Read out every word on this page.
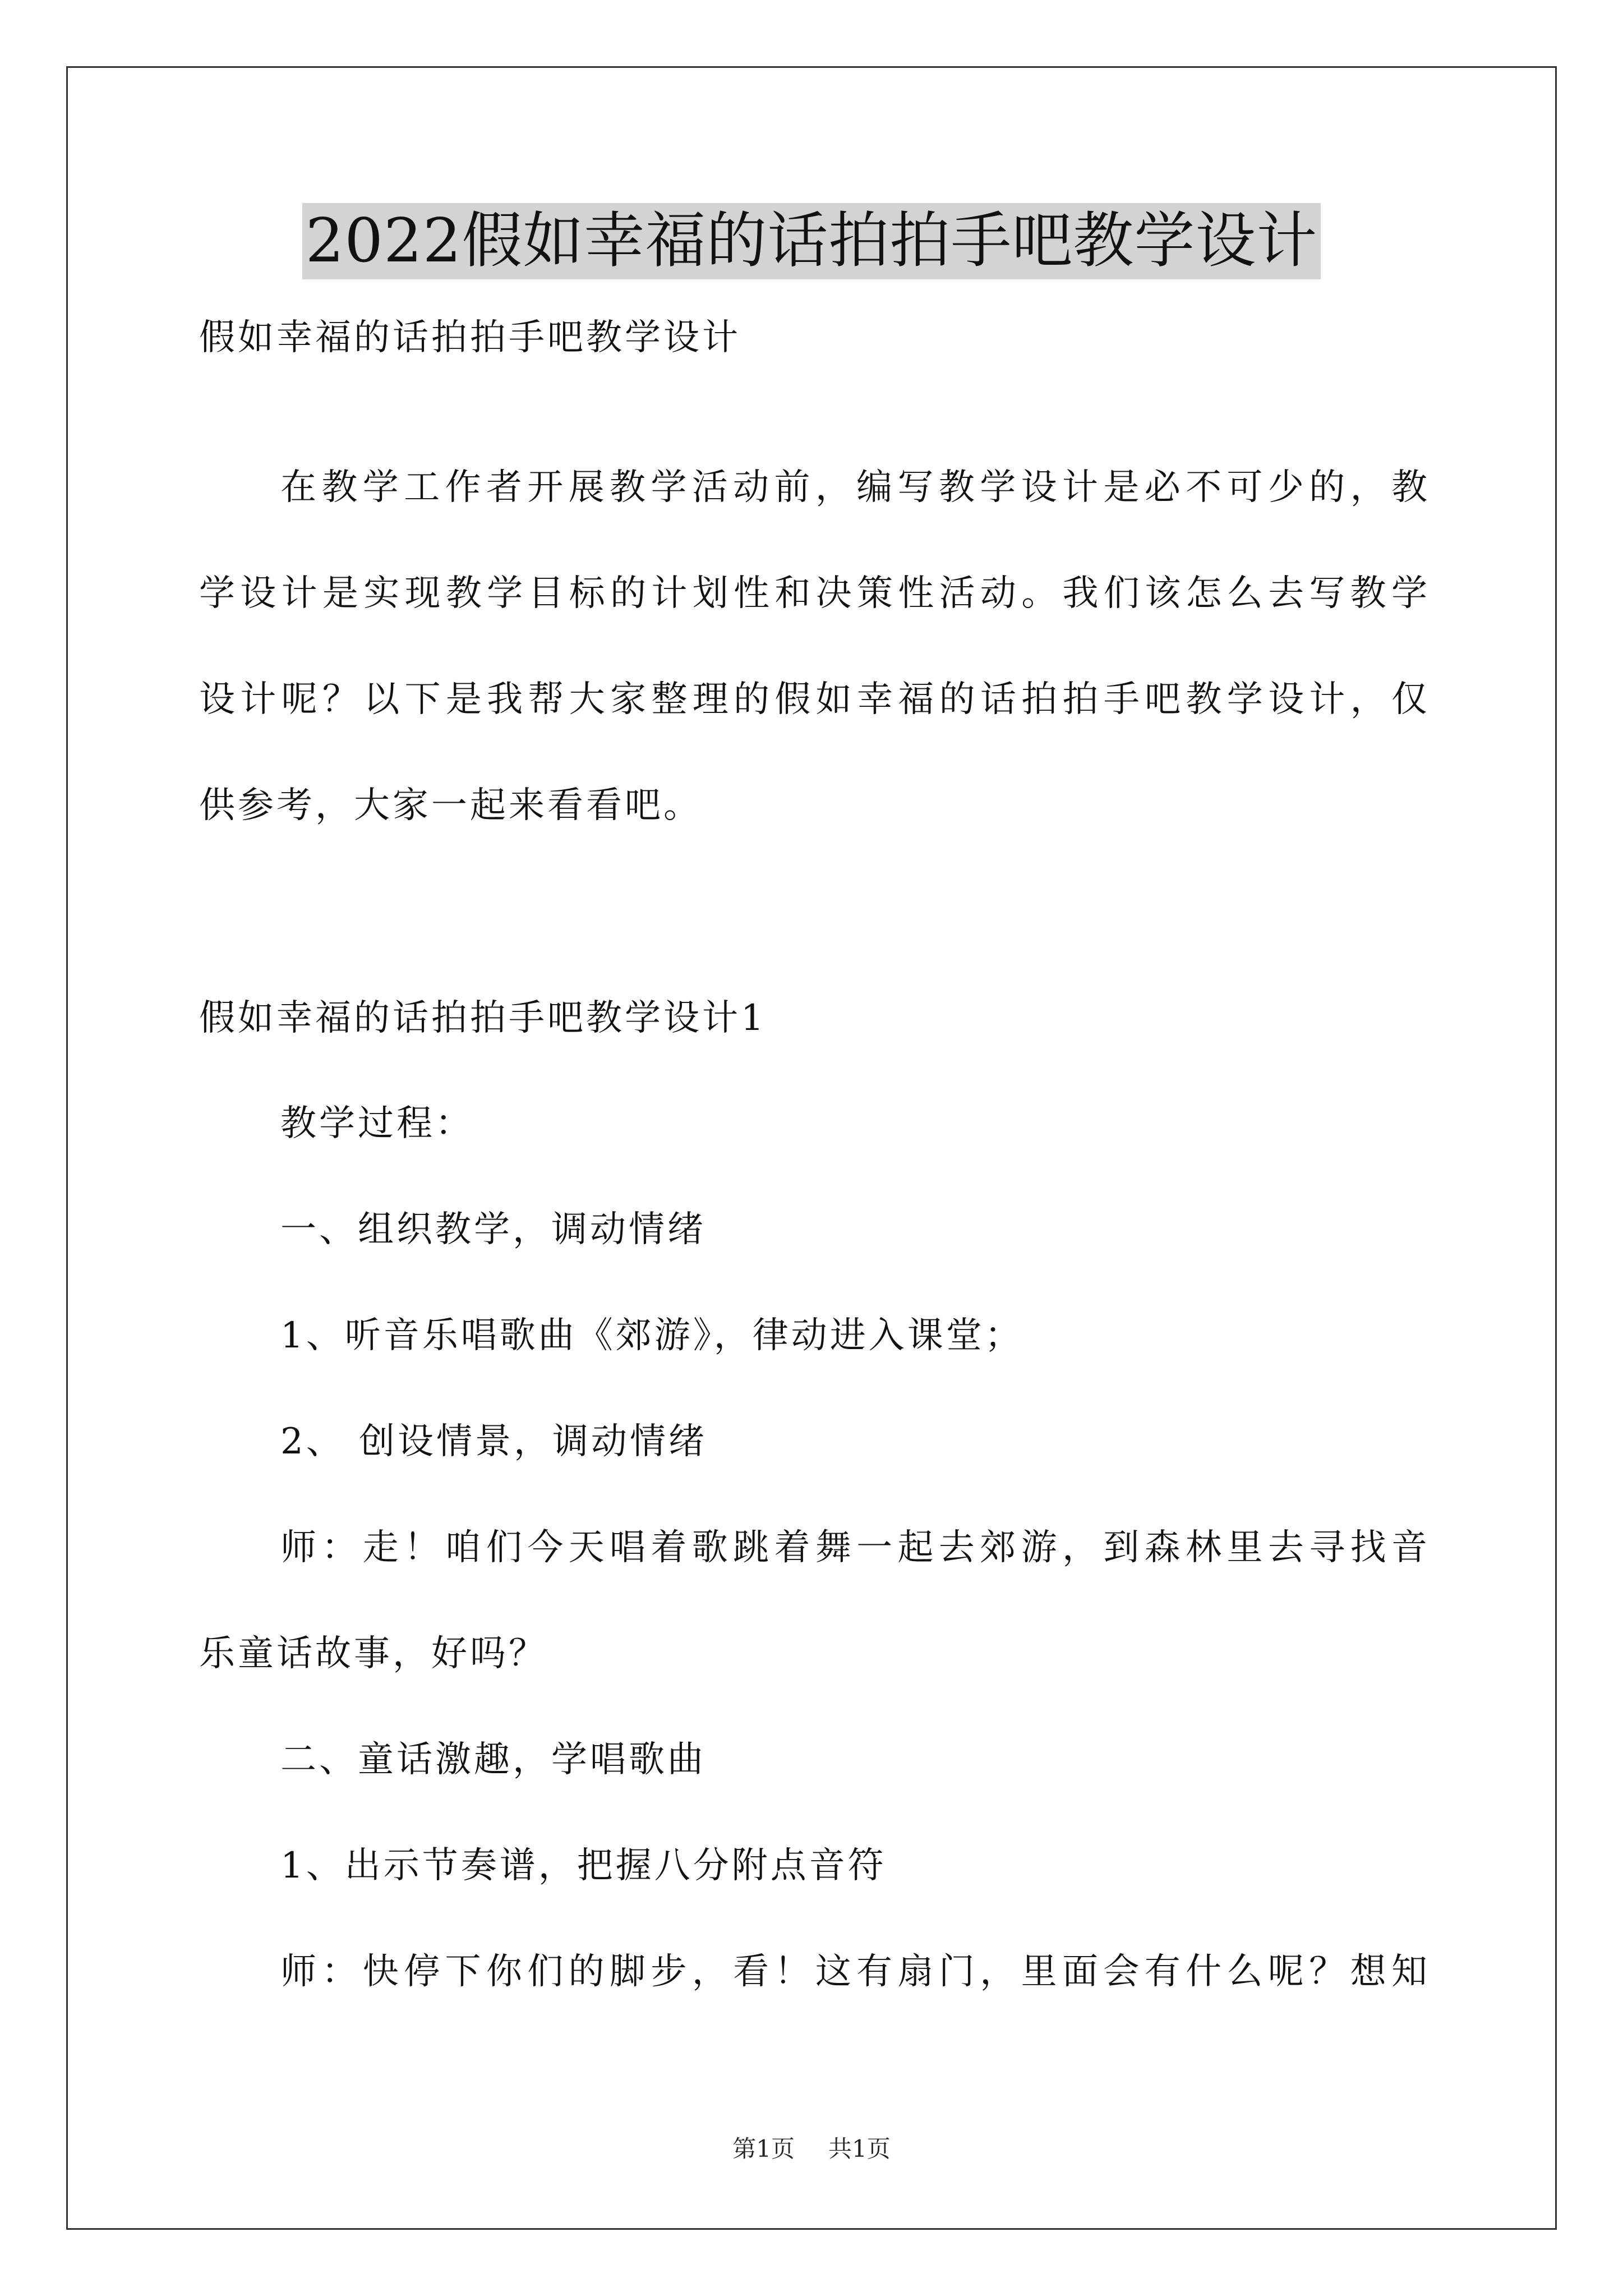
2022假如幸福的话拍拍手吧教学设计
假如幸福的话拍拍手吧教学设计
在教学工作者开展教学活动前，编写教学设计是必不可少的，教
学设计是实现教学目标的计划性和决策性活动。我们该怎么去写教学
设计呢？以下是我帮大家整理的假如幸福的话拍拍手吧教学设计，仅
供参考，大家一起来看看吧。
假如幸福的话拍拍手吧教学设计1
教学过程：
一、组织教学，调动情绪
1、听音乐唱歌曲《郊游》，律动进入课堂；
2、 创设情景，调动情绪
师：走！咱们今天唱着歌跳着舞一起去郊游，到森林里去寻找音
乐童话故事，好吗？
二、童话激趣，学唱歌曲
1、出示节奏谱，把握八分附点音符
师：快停下你们的脚步，看！这有扇门，里面会有什么呢？想知
第1页 共1页
